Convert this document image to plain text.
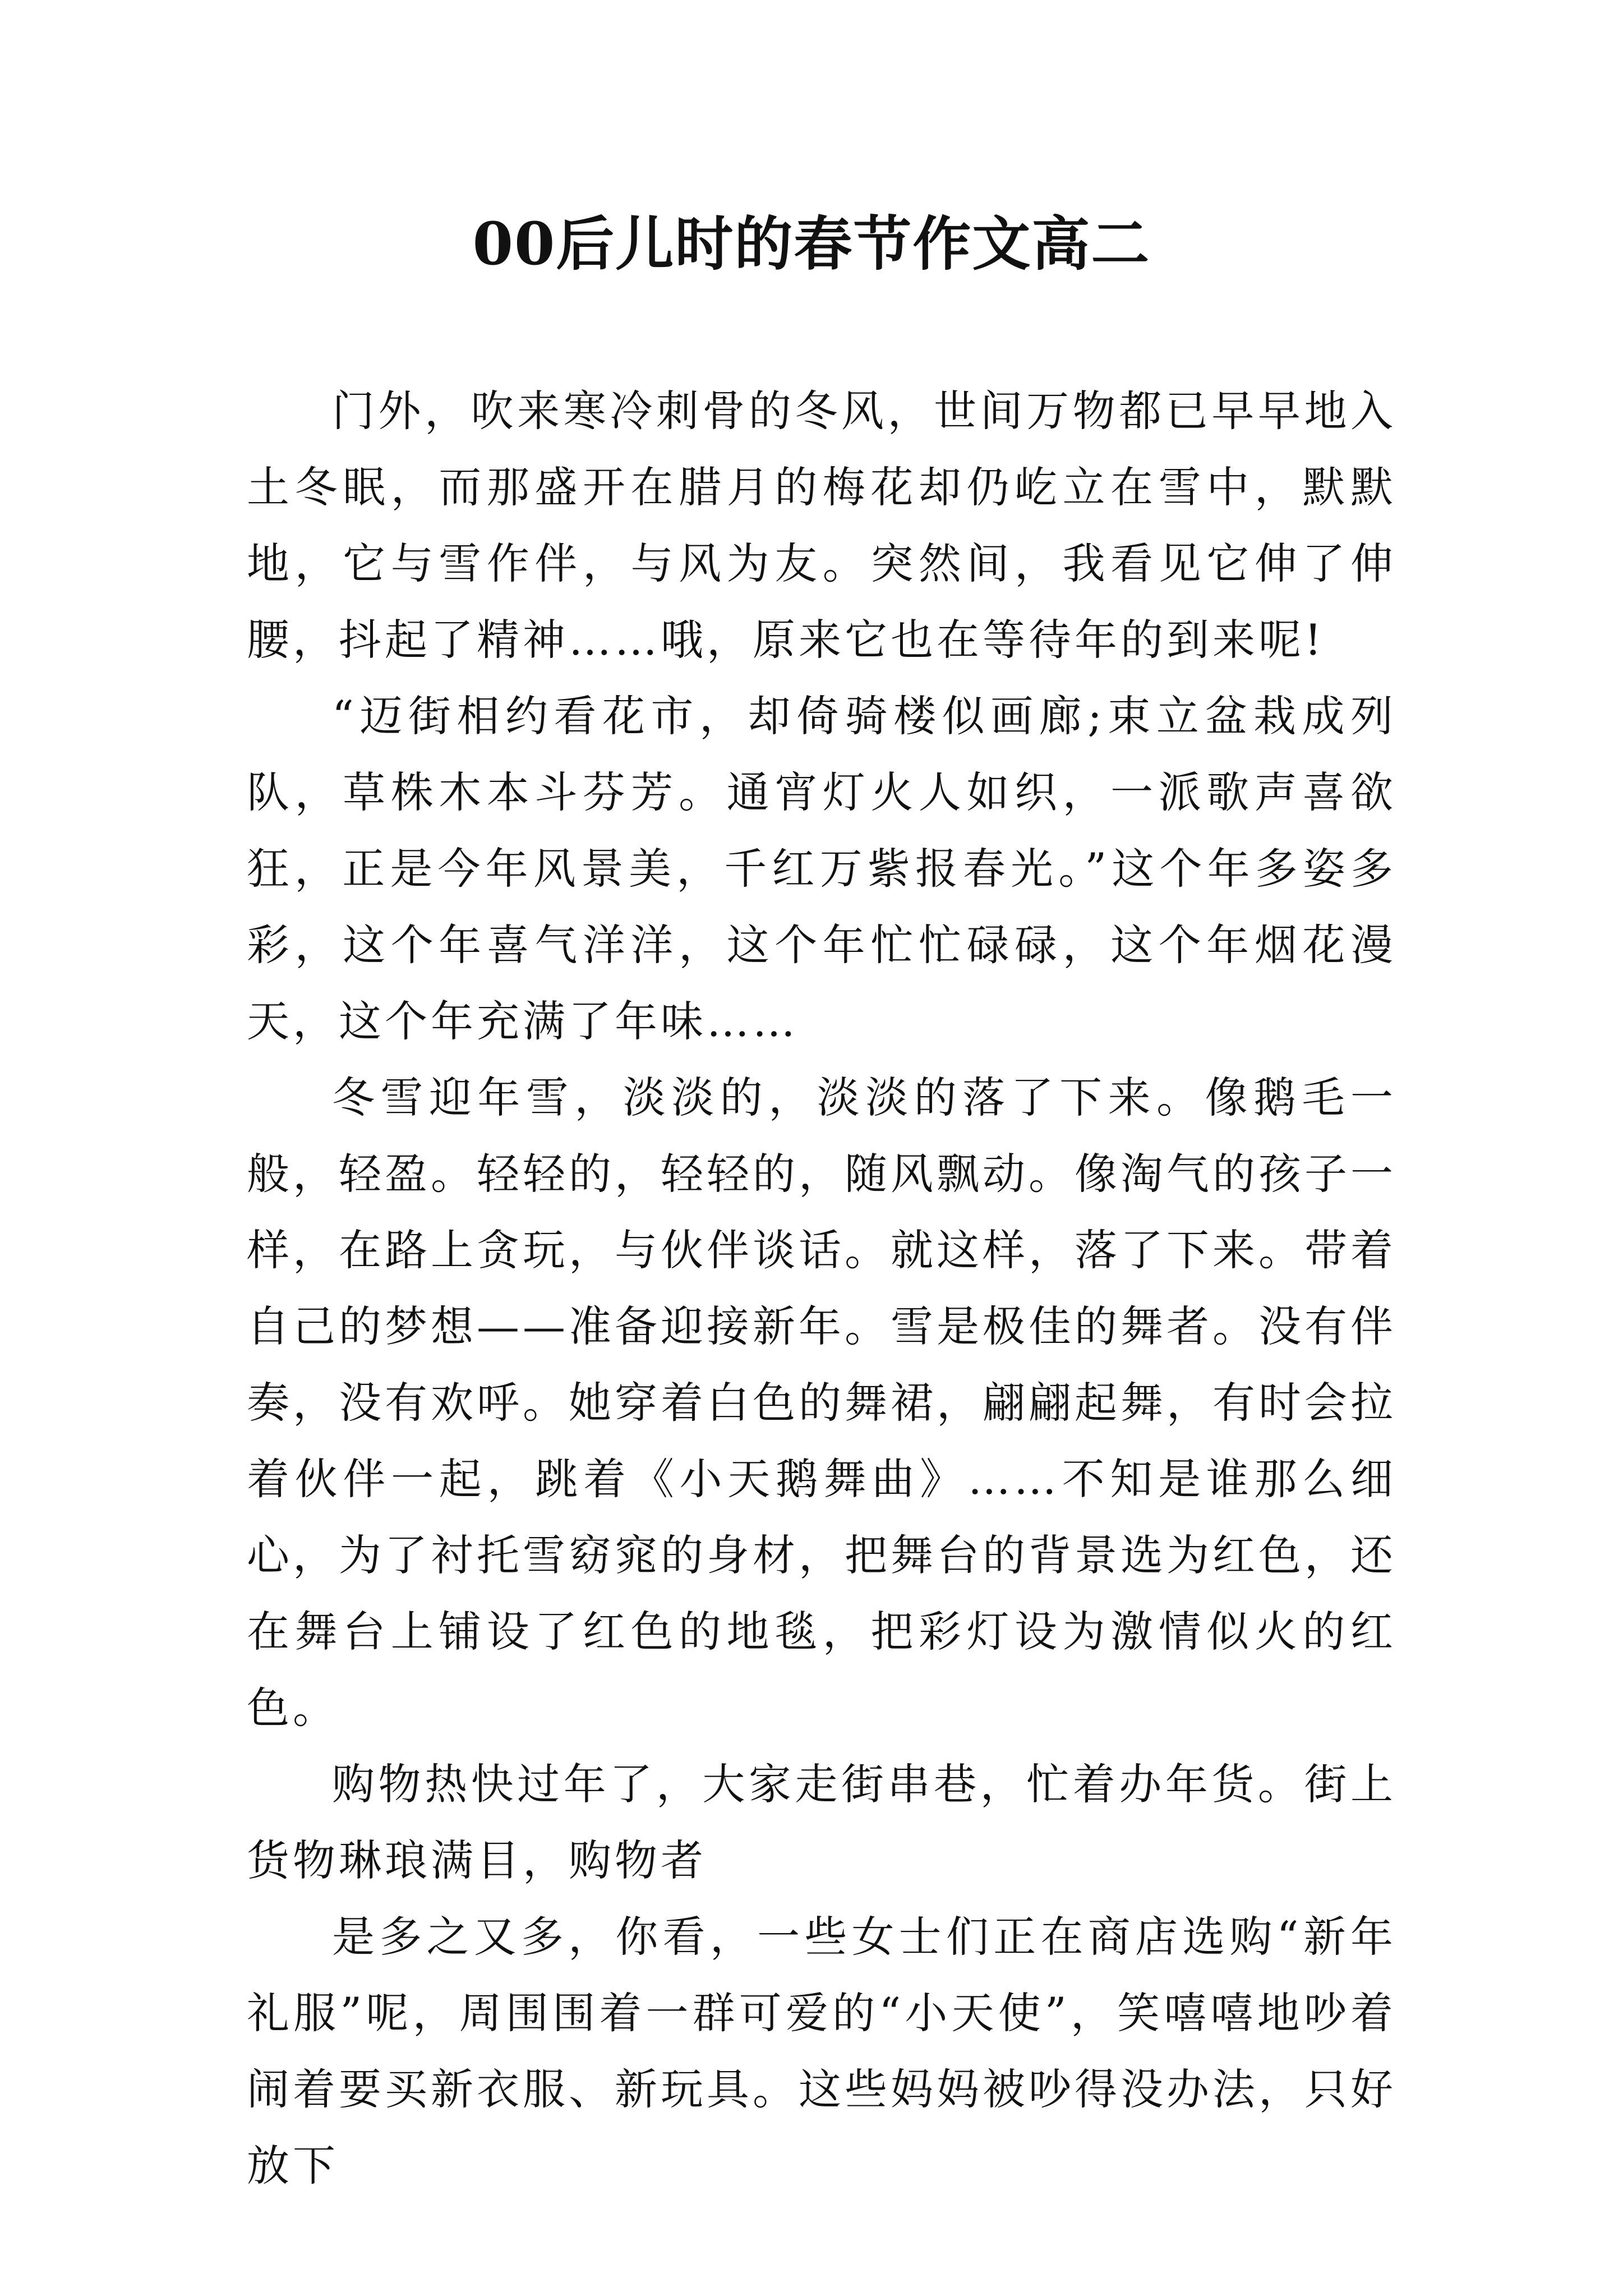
00后儿时的春节作文高二

门外，吹来寒冷刺骨的冬风，世间万物都已早早地入土冬眠，而那盛开在腊月的梅花却仍屹立在雪中，默默地，它与雪作伴，与风为友。突然间，我看见它伸了伸腰，抖起了精神……哦，原来它也在等待年的到来呢!

“迈街相约看花市，却倚骑楼似画廊;束立盆栽成列队，草株木本斗芬芳。通宵灯火人如织，一派歌声喜欲狂，正是今年风景美，千红万紫报春光。”这个年多姿多彩，这个年喜气洋洋，这个年忙忙碌碌，这个年烟花漫天，这个年充满了年味……

冬雪迎年雪，淡淡的，淡淡的落了下来。像鹅毛一般，轻盈。轻轻的，轻轻的，随风飘动。像淘气的孩子一样，在路上贪玩，与伙伴谈话。就这样，落了下来。带着自己的梦想——准备迎接新年。雪是极佳的舞者。没有伴奏，没有欢呼。她穿着白色的舞裙，翩翩起舞，有时会拉着伙伴一起，跳着《小天鹅舞曲》……不知是谁那么细心，为了衬托雪窈窕的身材，把舞台的背景选为红色，还在舞台上铺设了红色的地毯，把彩灯设为激情似火的红色。

购物热快过年了，大家走街串巷，忙着办年货。街上货物琳琅满目，购物者

是多之又多，你看，一些女士们正在商店选购“新年礼服”呢，周围围着一群可爱的“小天使”，笑嘻嘻地吵着闹着要买新衣服、新玩具。这些妈妈被吵得没办法，只好放下
